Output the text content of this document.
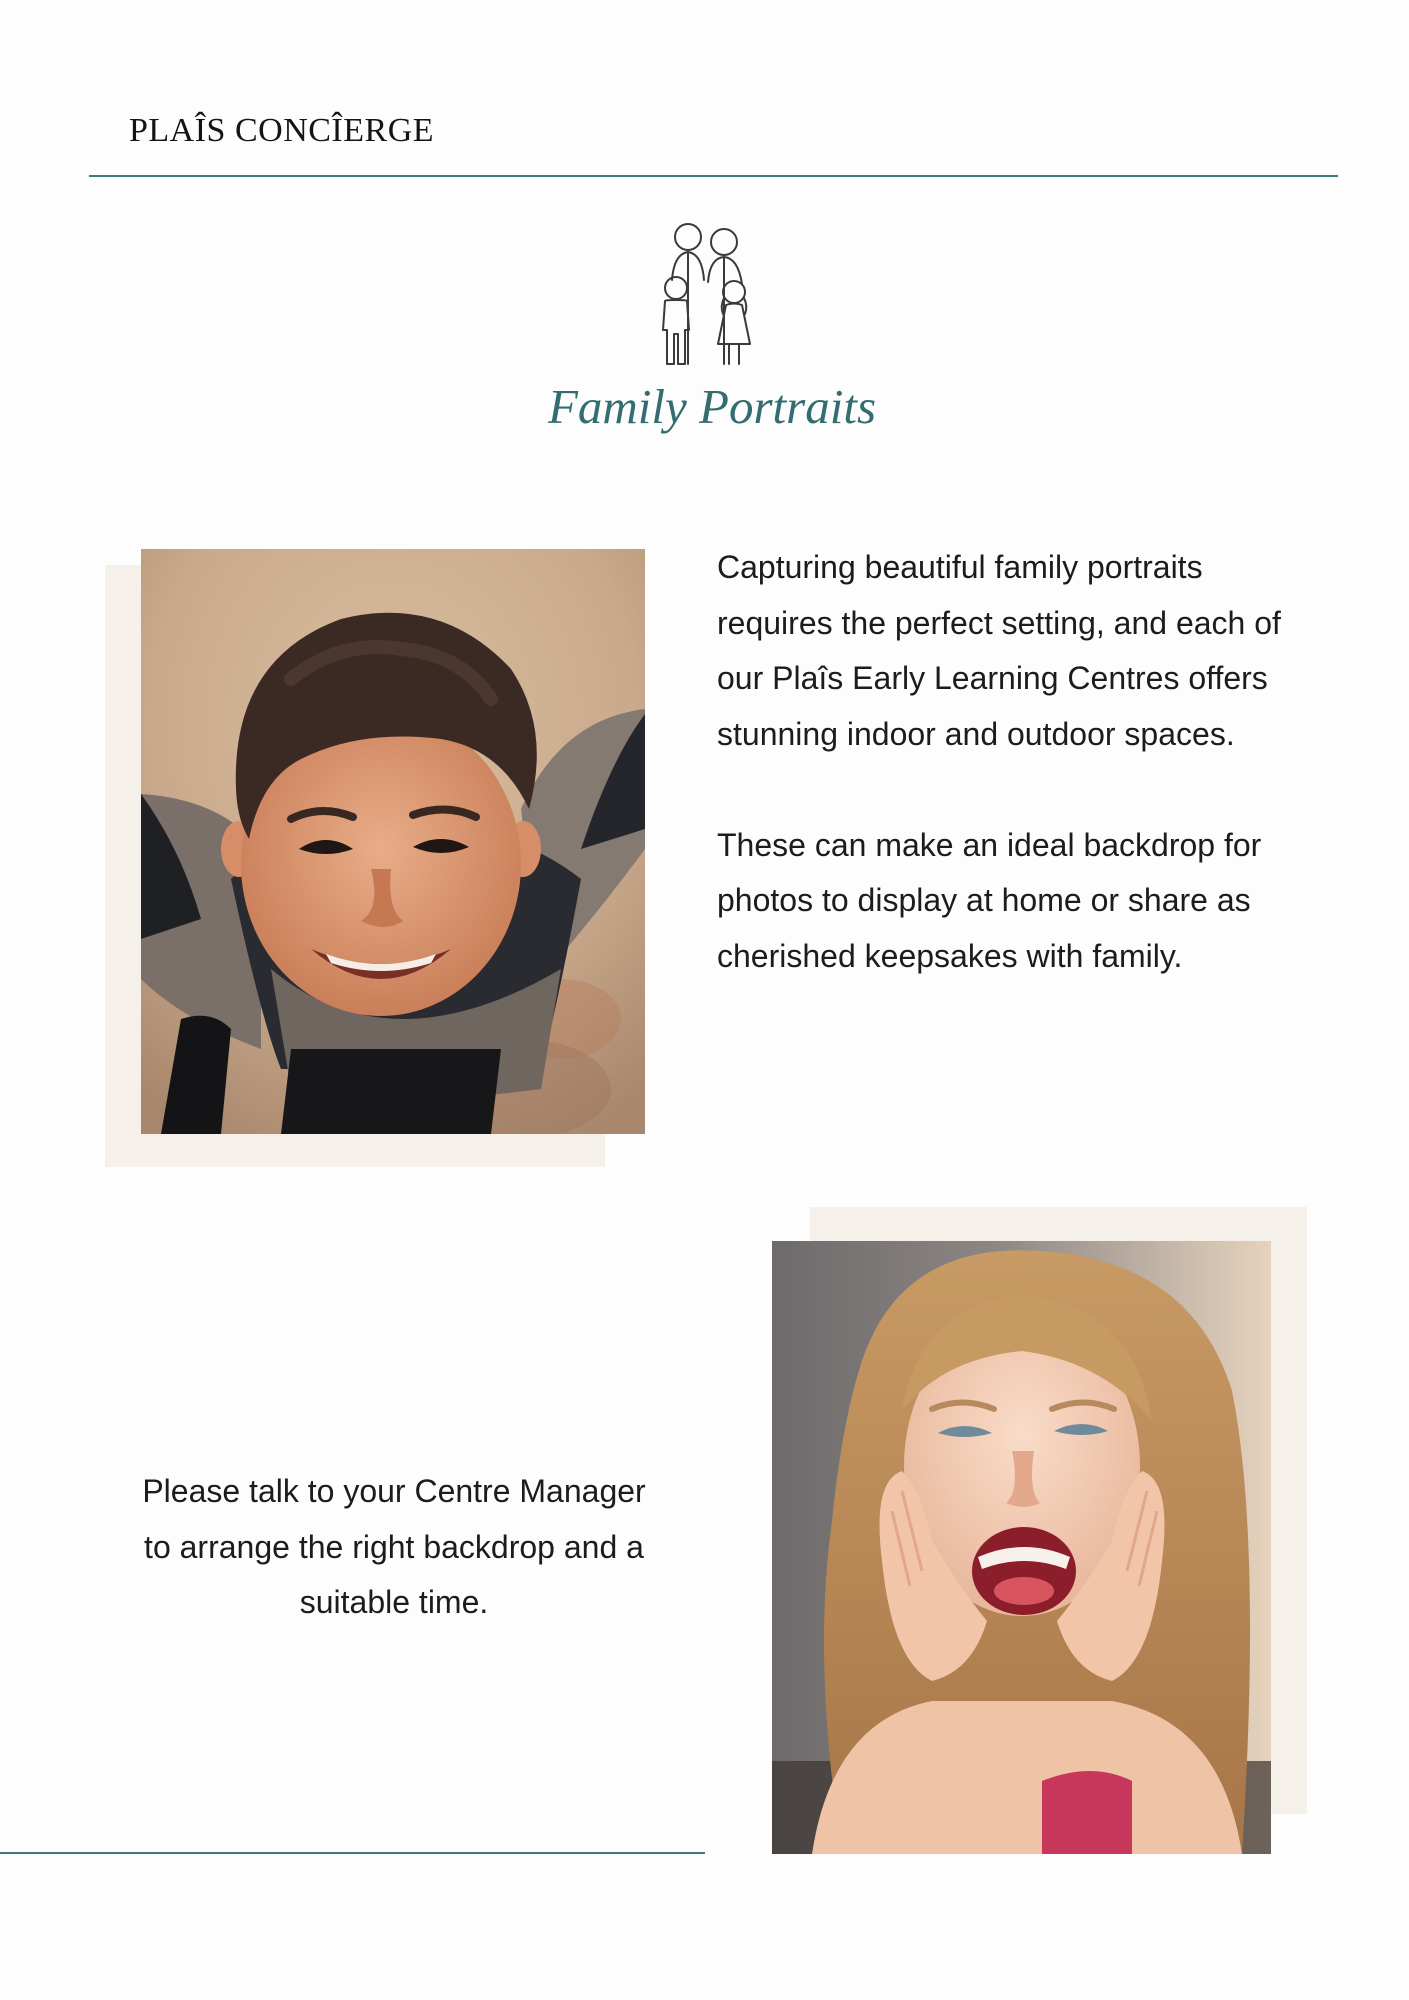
PLAÎS CONCÎERGE
Family Portraits

Capturing beautiful family portraits requires the perfect setting, and each of our Plaîs Early Learning Centres offers stunning indoor and outdoor spaces.

These can make an ideal backdrop for photos to display at home or share as cherished keepsakes with family.

Please talk to your Centre Manager to arrange the right backdrop and a suitable time.
